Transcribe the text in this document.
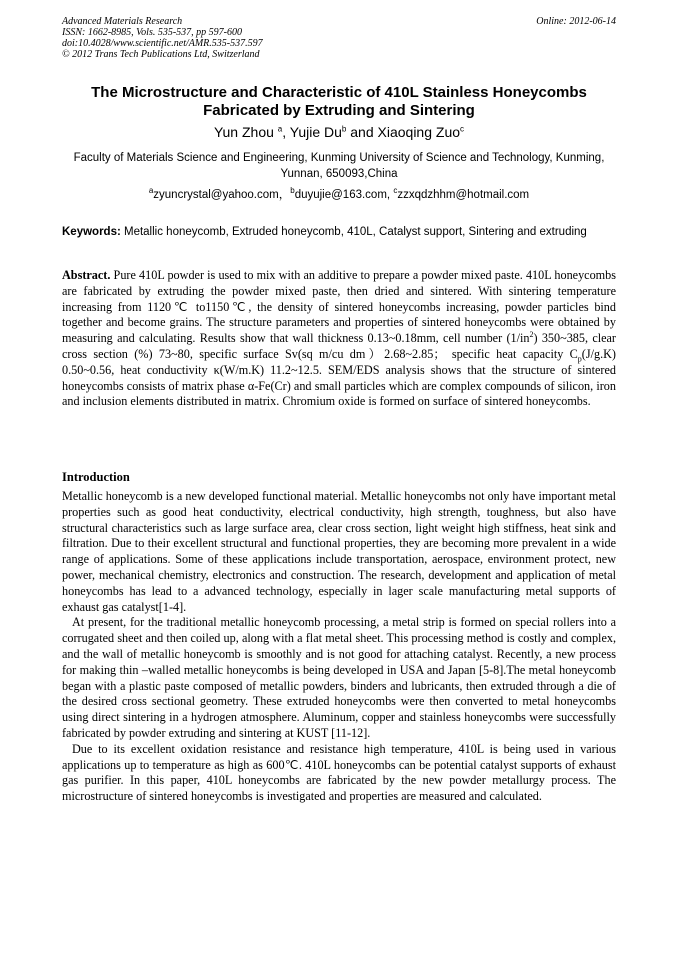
Advanced Materials Research
ISSN: 1662-8985, Vols. 535-537, pp 597-600
doi:10.4028/www.scientific.net/AMR.535-537.597
© 2012 Trans Tech Publications Ltd, Switzerland
Online: 2012-06-14
The Microstructure and Characteristic of 410L Stainless Honeycombs Fabricated by Extruding and Sintering
Yun Zhou $^a$, Yujie Du$^b$ and Xiaoqing Zuo$^c$
Faculty of Materials Science and Engineering, Kunming University of Science and Technology, Kunming, Yunnan, 650093,China
$^a$zyuncrystal@yahoo.com，$^b$duyujie@163.com, $^c$zzxqdzhhm@hotmail.com
Keywords: Metallic honeycomb, Extruded honeycomb, 410L, Catalyst support, Sintering and extruding

Abstract. Pure 410L powder is used to mix with an additive to prepare a powder mixed paste. 410L honeycombs are fabricated by extruding the powder mixed paste, then dried and sintered. With sintering temperature increasing from 1120℃ to1150℃, the density of sintered honeycombs increasing, powder particles bind together and become grains. The structure parameters and properties of sintered honeycombs were obtained by measuring and calculating. Results show that wall thickness 0.13~0.18mm, cell number $(1/in^2)$ 350~385, clear cross section (%) 73~80, specific surface Sv(sq m/cu dm）2.68~2.85； specific heat capacity $C_p(J/g.K)$ 0.50~0.56, heat conductivity κ(W/m.K) 11.2~12.5. SEM/EDS analysis shows that the structure of sintered honeycombs consists of matrix phase α-Fe(Cr) and small particles which are complex compounds of silicon, iron and inclusion elements distributed in matrix. Chromium oxide is formed on surface of sintered honeycombs.

Introduction

Metallic honeycomb is a new developed functional material. Metallic honeycombs not only have important metal properties such as good heat conductivity, electrical conductivity, high strength, toughness, but also have structural characteristics such as large surface area, clear cross section, light weight high stiffness, heat sink and filtration. Due to their excellent structural and functional properties, they are becoming more prevalent in a wide range of applications. Some of these applications include transportation, aerospace, environment protect, new power, mechanical chemistry, electronics and construction. The research, development and application of metal honeycombs has lead to a advanced technology, especially in lager scale manufacturing metal supports of exhaust gas catalyst[1-4].

At present, for the traditional metallic honeycomb processing, a metal strip is formed on special rollers into a corrugated sheet and then coiled up, along with a flat metal sheet. This processing method is costly and complex, and the wall of metallic honeycomb is smoothly and is not good for attaching catalyst. Recently, a new process for making thin –walled metallic honeycombs is being developed in USA and Japan [5-8].The metal honeycomb began with a plastic paste composed of metallic powders, binders and lubricants, then extruded through a die of the desired cross sectional geometry. These extruded honeycombs were then converted to metal honeycombs using direct sintering in a hydrogen atmosphere. Aluminum, copper and stainless honeycombs were successfully fabricated by powder extruding and sintering at KUST [11-12].

Due to its excellent oxidation resistance and resistance high temperature, 410L is being used in various applications up to temperature as high as 600℃. 410L honeycombs can be potential catalyst supports of exhaust gas purifier. In this paper, 410L honeycombs are fabricated by the new powder metallurgy process. The microstructure of sintered honeycombs is investigated and properties are measured and calculated.
